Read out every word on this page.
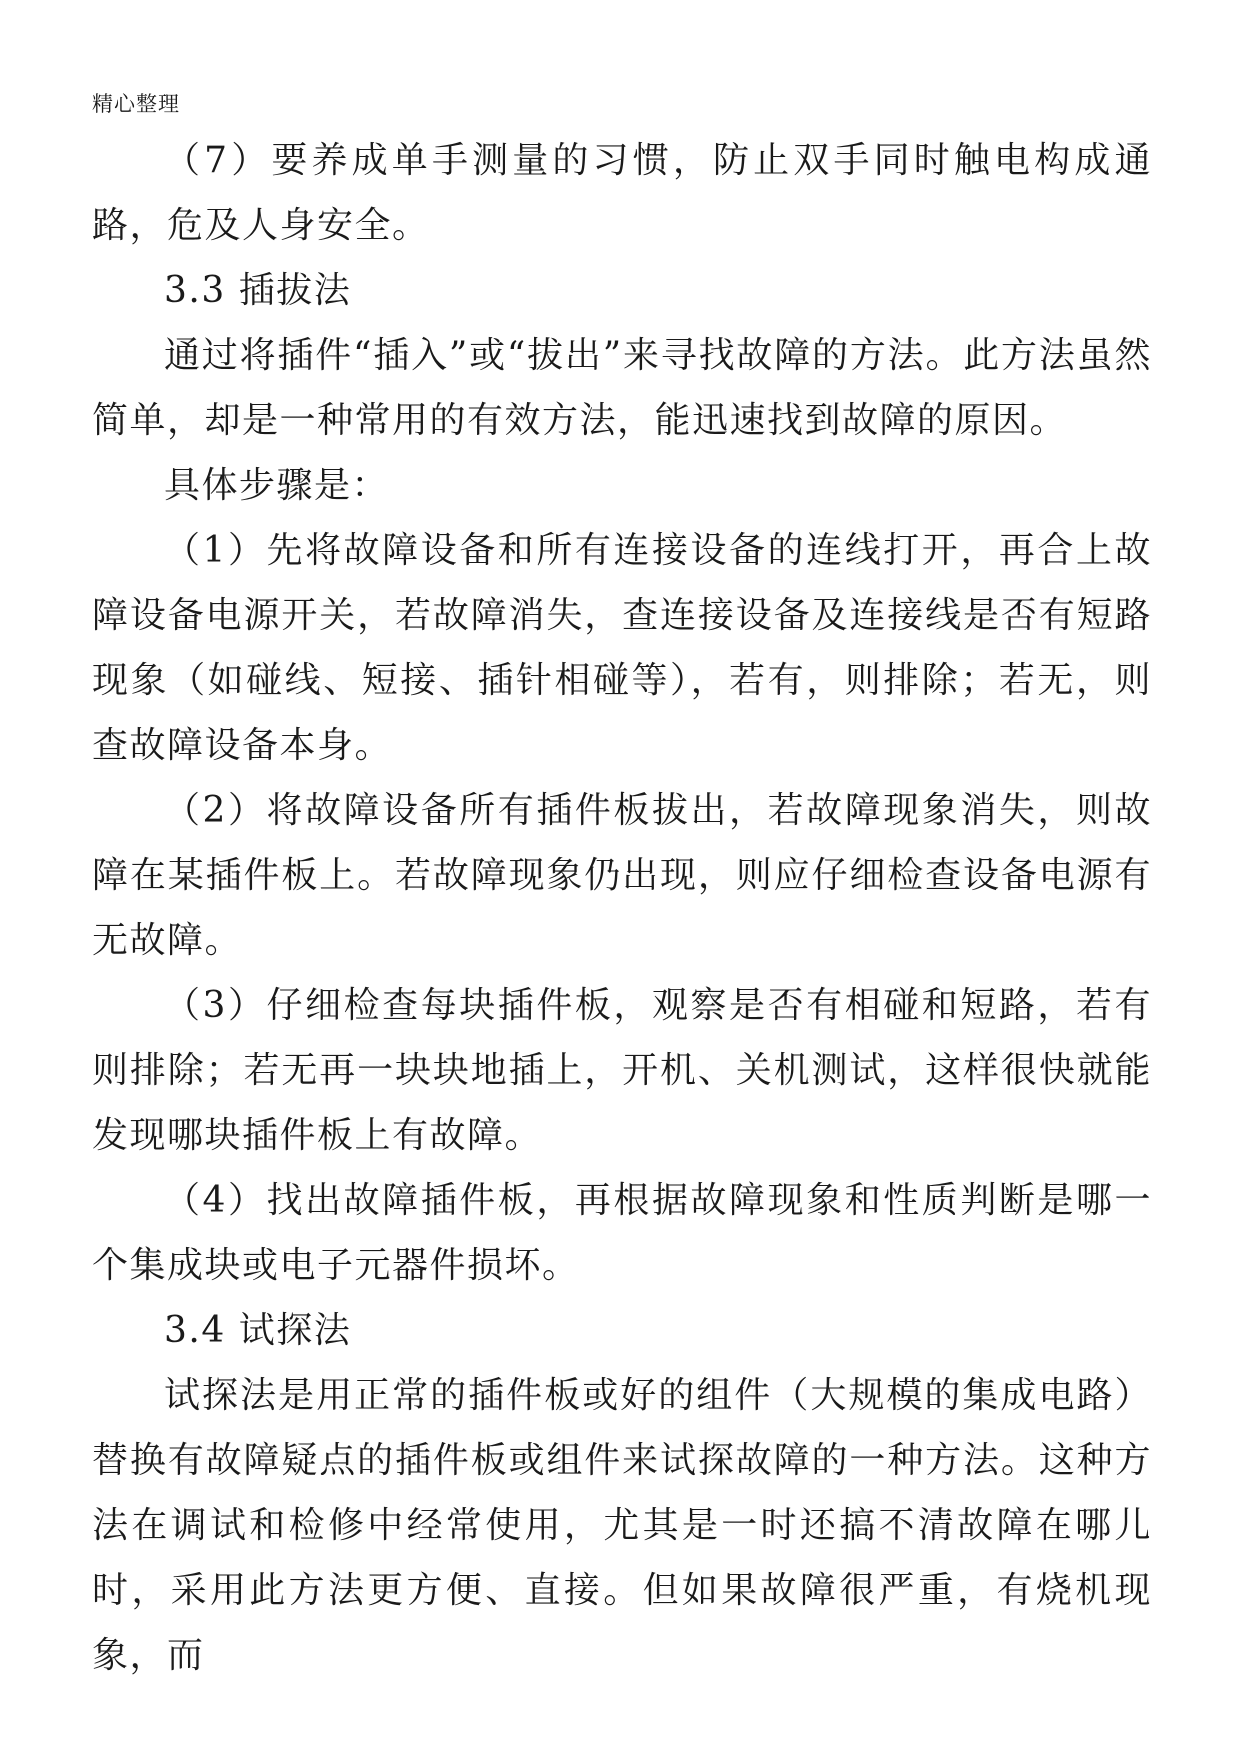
精心整理

（7）要养成单手测量的习惯，防止双手同时触电构成通路，危及人身安全。

3.3 插拔法

通过将插件“插入”或“拔出”来寻找故障的方法。此方法虽然简单，却是一种常用的有效方法，能迅速找到故障的原因。

具体步骤是：

（1）先将故障设备和所有连接设备的连线打开，再合上故障设备电源开关，若故障消失，查连接设备及连接线是否有短路现象（如碰线、短接、插针相碰等），若有，则排除；若无，则查故障设备本身。

（2）将故障设备所有插件板拔出，若故障现象消失，则故障在某插件板上。若故障现象仍出现，则应仔细检查设备电源有无故障。

（3）仔细检查每块插件板，观察是否有相碰和短路，若有则排除；若无再一块块地插上，开机、关机测试，这样很快就能发现哪块插件板上有故障。

（4）找出故障插件板，再根据故障现象和性质判断是哪一个集成块或电子元器件损坏。

3.4 试探法

试探法是用正常的插件板或好的组件（大规模的集成电路）替换有故障疑点的插件板或组件来试探故障的一种方法。这种方法在调试和检修中经常使用，尤其是一时还搞不清故障在哪儿时，采用此方法更方便、直接。但如果故障很严重，有烧机现象，而
